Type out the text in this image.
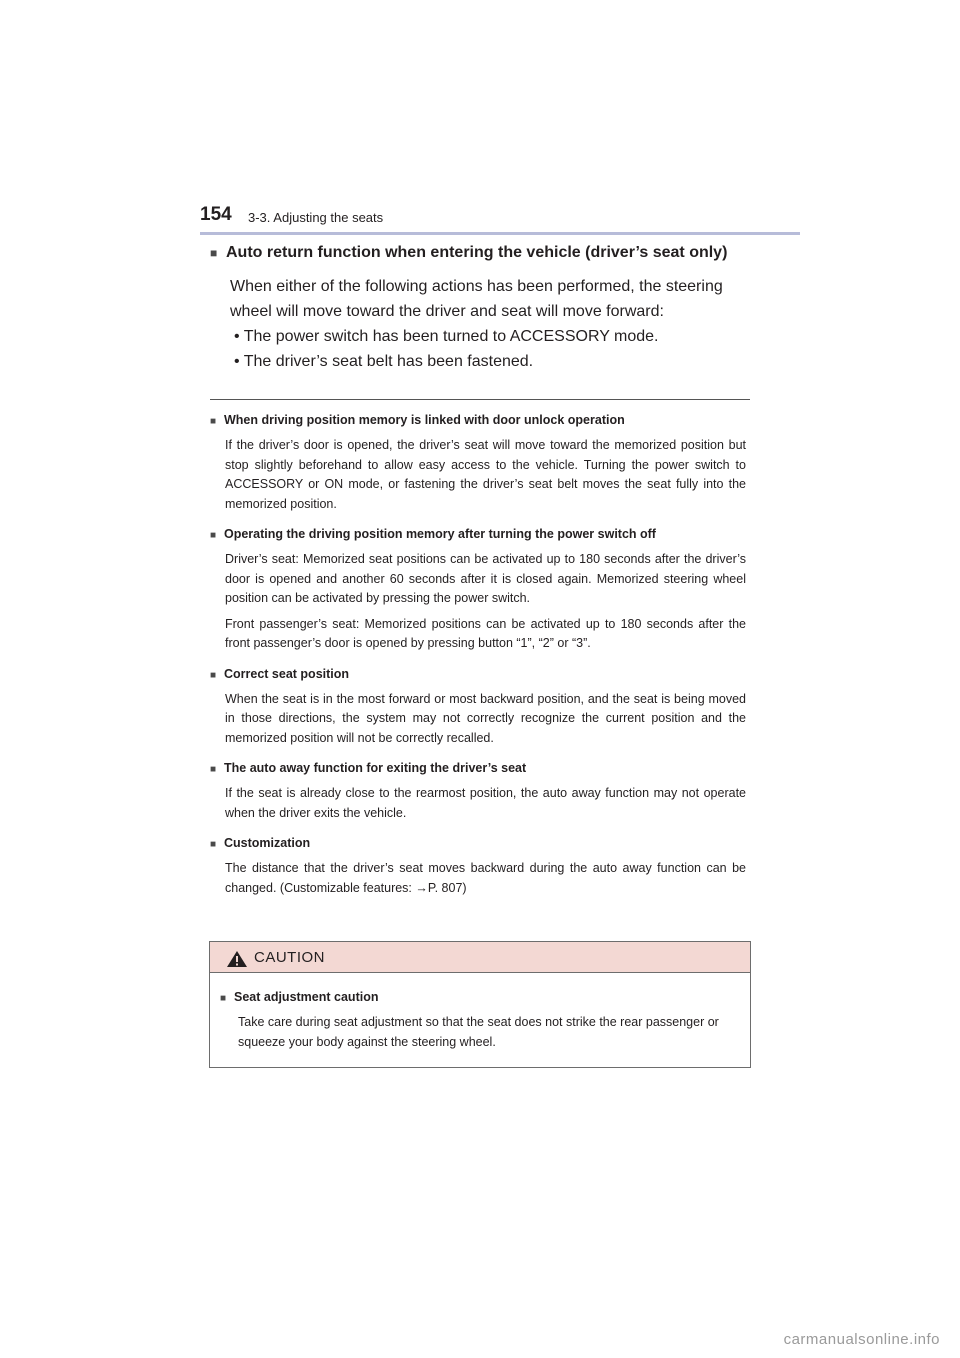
154 3-3. Adjusting the seats
■ Auto return function when entering the vehicle (driver’s seat only)
When either of the following actions has been performed, the steering wheel will move toward the driver and seat will move forward:
• The power switch has been turned to ACCESSORY mode.
• The driver’s seat belt has been fastened.
■ When driving position memory is linked with door unlock operation

If the driver’s door is opened, the driver’s seat will move toward the memorized position but stop slightly beforehand to allow easy access to the vehicle. Turning the power switch to ACCESSORY or ON mode, or fastening the driver’s seat belt moves the seat fully into the memorized position.

■ Operating the driving position memory after turning the power switch off

Driver’s seat: Memorized seat positions can be activated up to 180 seconds after the driver’s door is opened and another 60 seconds after it is closed again. Memorized steering wheel position can be activated by pressing the power switch.

Front passenger’s seat: Memorized positions can be activated up to 180 seconds after the front passenger’s door is opened by pressing button “1”, “2” or “3”.

■ Correct seat position

When the seat is in the most forward or most backward position, and the seat is being moved in those directions, the system may not correctly recognize the current position and the memorized position will not be correctly recalled.

■ The auto away function for exiting the driver’s seat

If the seat is already close to the rearmost position, the auto away function may not operate when the driver exits the vehicle.

■ Customization

The distance that the driver’s seat moves backward during the auto away function can be changed. (Customizable features: →P. 807)

CAUTION
■ Seat adjustment caution
Take care during seat adjustment so that the seat does not strike the rear passenger or squeeze your body against the steering wheel.
carmanualsonline.info
